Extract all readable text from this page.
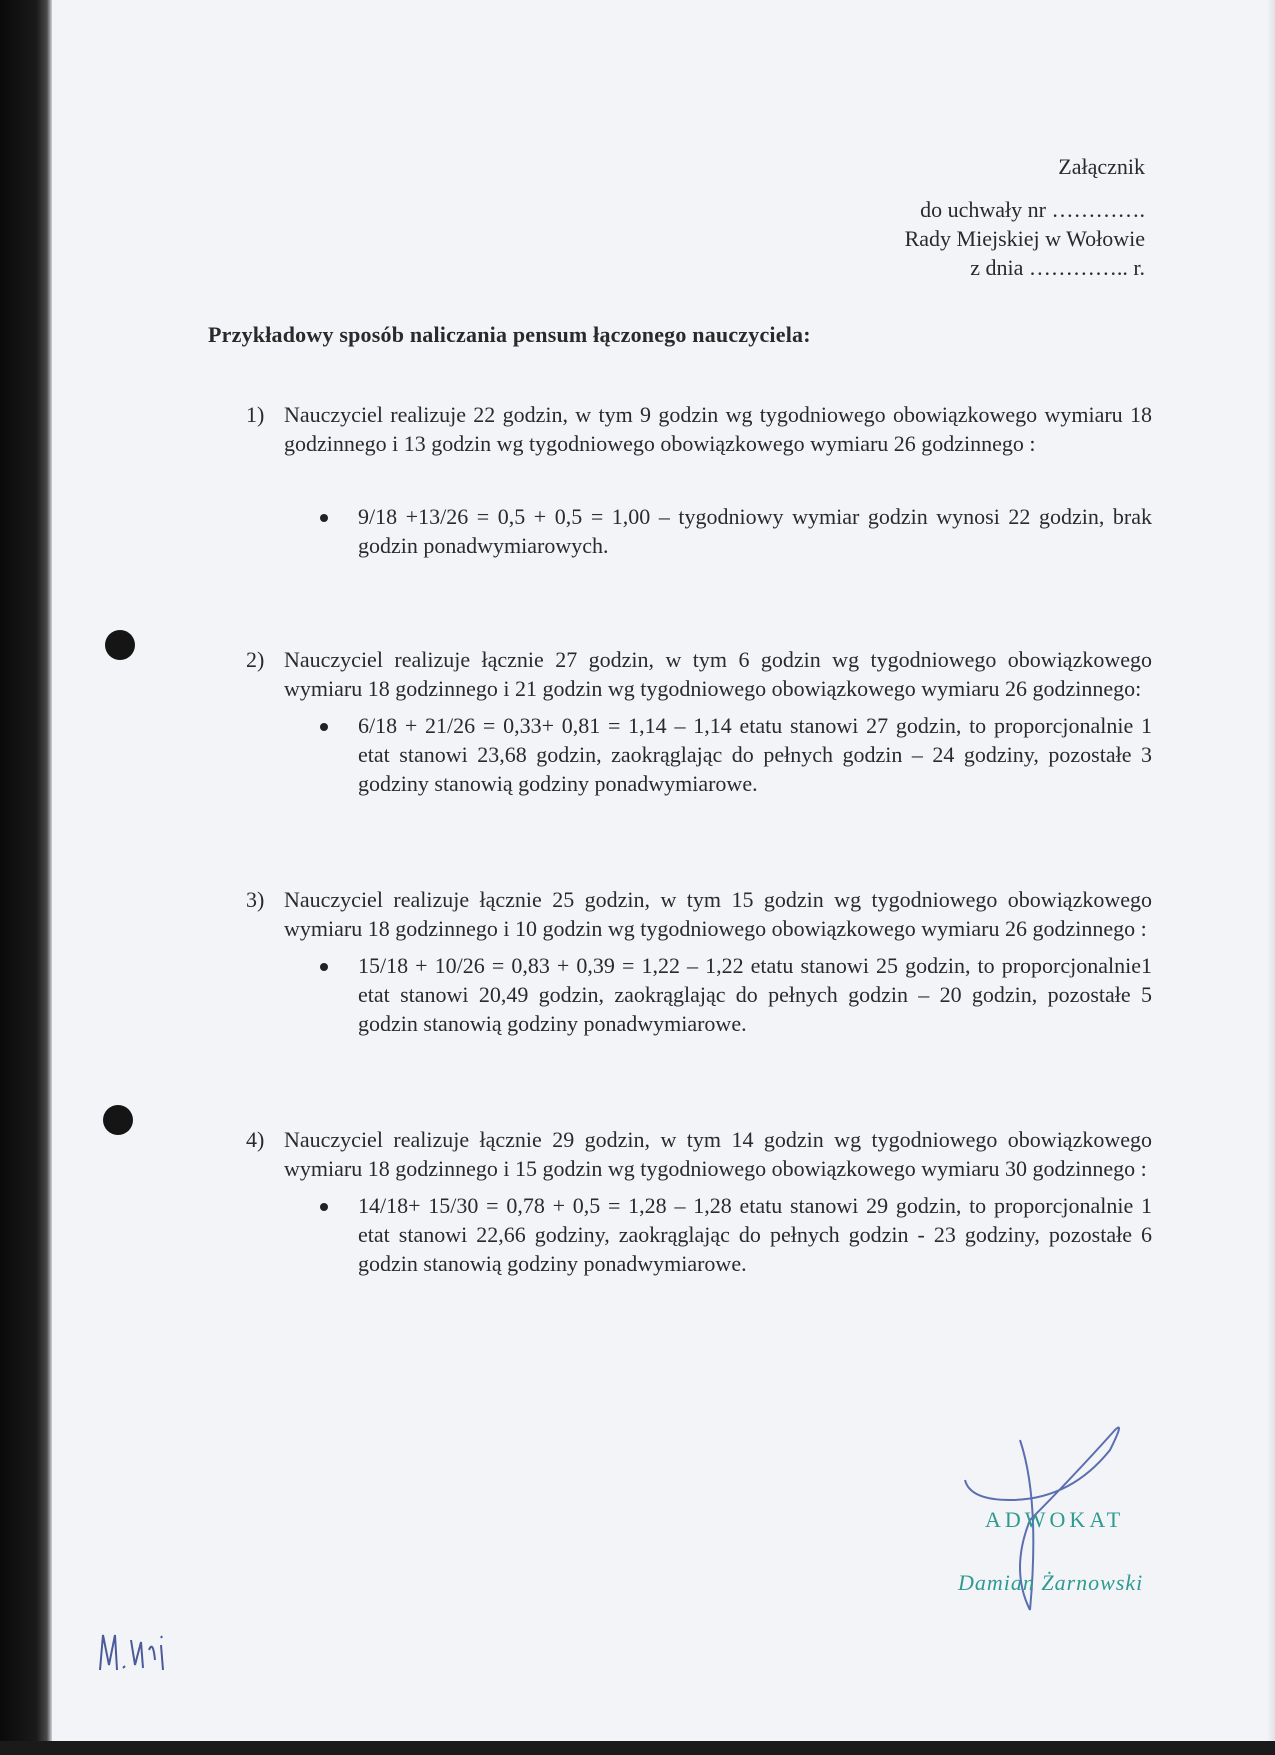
Załącznik
do uchwały nr ………….
Rady Miejskiej w Wołowie
z dnia ………….. r.
Przykładowy sposób naliczania pensum łączonego nauczyciela:
1) Nauczyciel realizuje 22 godzin, w tym 9 godzin wg tygodniowego obowiązkowego wymiaru 18 godzinnego i 13 godzin wg tygodniowego obowiązkowego wymiaru 26 godzinnego :
9/18 +13/26 = 0,5 + 0,5 = 1,00 – tygodniowy wymiar godzin wynosi 22 godzin, brak godzin ponadwymiarowych.
2) Nauczyciel realizuje łącznie 27 godzin, w tym 6 godzin wg tygodniowego obowiązkowego wymiaru 18 godzinnego i 21 godzin wg tygodniowego obowiązkowego wymiaru 26 godzinnego:
6/18 + 21/26 = 0,33+ 0,81 = 1,14 – 1,14 etatu stanowi 27 godzin, to proporcjonalnie 1 etat stanowi 23,68 godzin, zaokrąglając do pełnych godzin – 24 godziny, pozostałe 3 godziny stanowią godziny ponadwymiarowe.
3) Nauczyciel realizuje łącznie 25 godzin, w tym 15 godzin wg tygodniowego obowiązkowego wymiaru 18 godzinnego i 10 godzin wg tygodniowego obowiązkowego wymiaru 26 godzinnego :
15/18 + 10/26 = 0,83 + 0,39 = 1,22 – 1,22 etatu stanowi 25 godzin, to proporcjonalnie1 etat stanowi 20,49 godzin, zaokrąglając do pełnych godzin – 20 godzin, pozostałe 5 godzin stanowią godziny ponadwymiarowe.
4) Nauczyciel realizuje łącznie 29 godzin, w tym 14 godzin wg tygodniowego obowiązkowego wymiaru 18 godzinnego i 15 godzin wg tygodniowego obowiązkowego wymiaru 30 godzinnego :
14/18+ 15/30 = 0,78 + 0,5 = 1,28 – 1,28 etatu stanowi 29 godzin, to proporcjonalnie 1 etat stanowi 22,66 godziny, zaokrąglając do pełnych godzin - 23 godziny, pozostałe 6 godzin stanowią godziny ponadwymiarowe.
ADWOKAT
Damian Żarnowski
